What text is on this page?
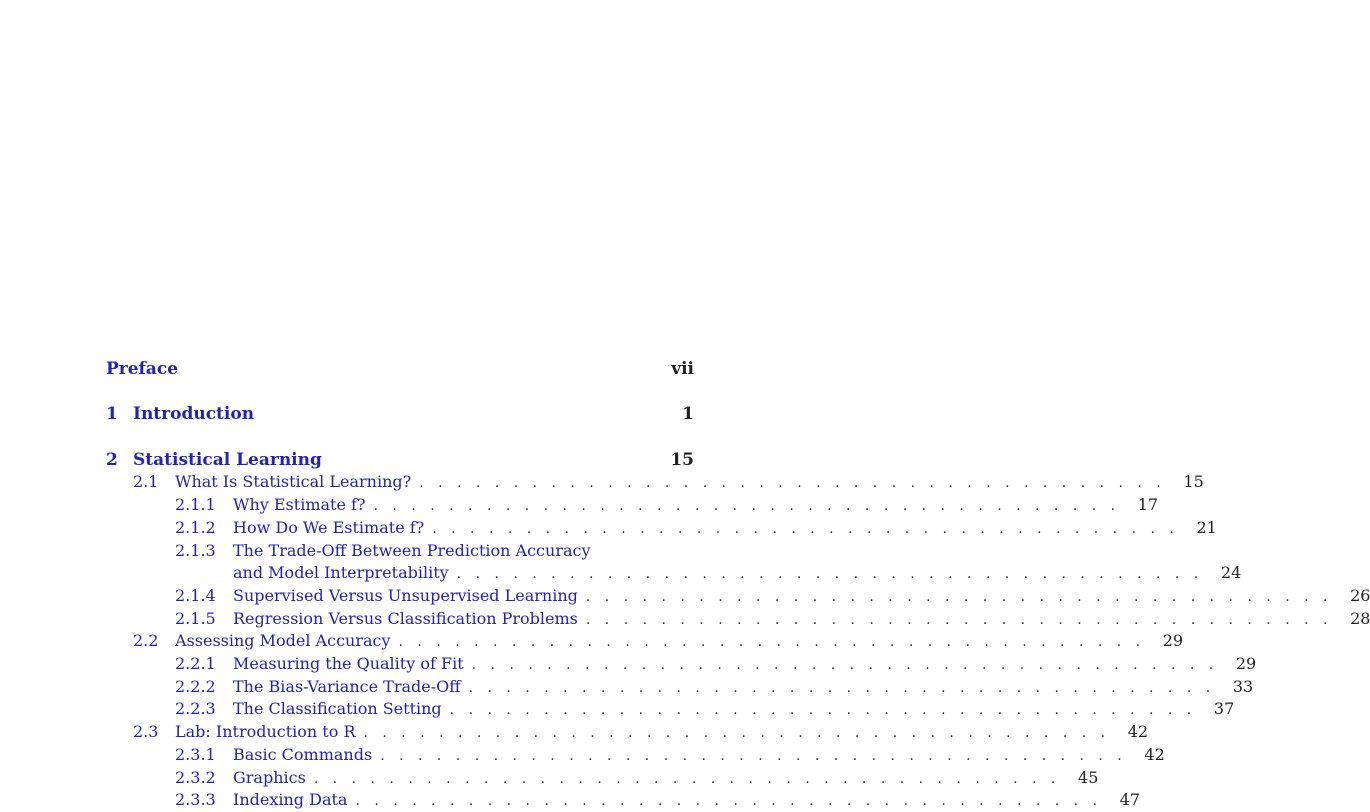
Preface	vii
1 Introduction	1
2 Statistical Learning	15
2.1	What Is Statistical Learning? . . . . . . . . . . . . . . . . . . . . . . . . . . . . . . . . . . . . . . . .	15
2.1.1	Why Estimate f? . . . . . . . . . . . . . . . . . . . . . . . . . . . . . . . . . . . . . . . .	17
2.1.2	How Do We Estimate f? . . . . . . . . . . . . . . . . . . . . . . . . . . . . . . . . . . . . . . . .	21
2.1.3	The Trade-Off Between Prediction Accuracy
and Model Interpretability . . . . . . . . . . . . . . . . . . . . . . . . . . . . . . . . . . . . . . . .	24
2.1.4	Supervised Versus Unsupervised Learning . . . . . . . . . . . . . . . . . . . . . . . . . . . . . . . . . . . . . . . .	26
2.1.5	Regression Versus Classification Problems . . . . . . . . . . . . . . . . . . . . . . . . . . . . . . . . . . . . . . . .	28
2.2	Assessing Model Accuracy . . . . . . . . . . . . . . . . . . . . . . . . . . . . . . . . . . . . . . . .	29
2.2.1	Measuring the Quality of Fit . . . . . . . . . . . . . . . . . . . . . . . . . . . . . . . . . . . . . . . .	29
2.2.2	The Bias-Variance Trade-Off . . . . . . . . . . . . . . . . . . . . . . . . . . . . . . . . . . . . . . . .	33
2.2.3	The Classification Setting . . . . . . . . . . . . . . . . . . . . . . . . . . . . . . . . . . . . . . . .	37
2.3	Lab: Introduction to R . . . . . . . . . . . . . . . . . . . . . . . . . . . . . . . . . . . . . . . .	42
2.3.1	Basic Commands . . . . . . . . . . . . . . . . . . . . . . . . . . . . . . . . . . . . . . . .	42
2.3.2	Graphics . . . . . . . . . . . . . . . . . . . . . . . . . . . . . . . . . . . . . . . .	45
2.3.3	Indexing Data . . . . . . . . . . . . . . . . . . . . . . . . . . . . . . . . . . . . . . . .	47
